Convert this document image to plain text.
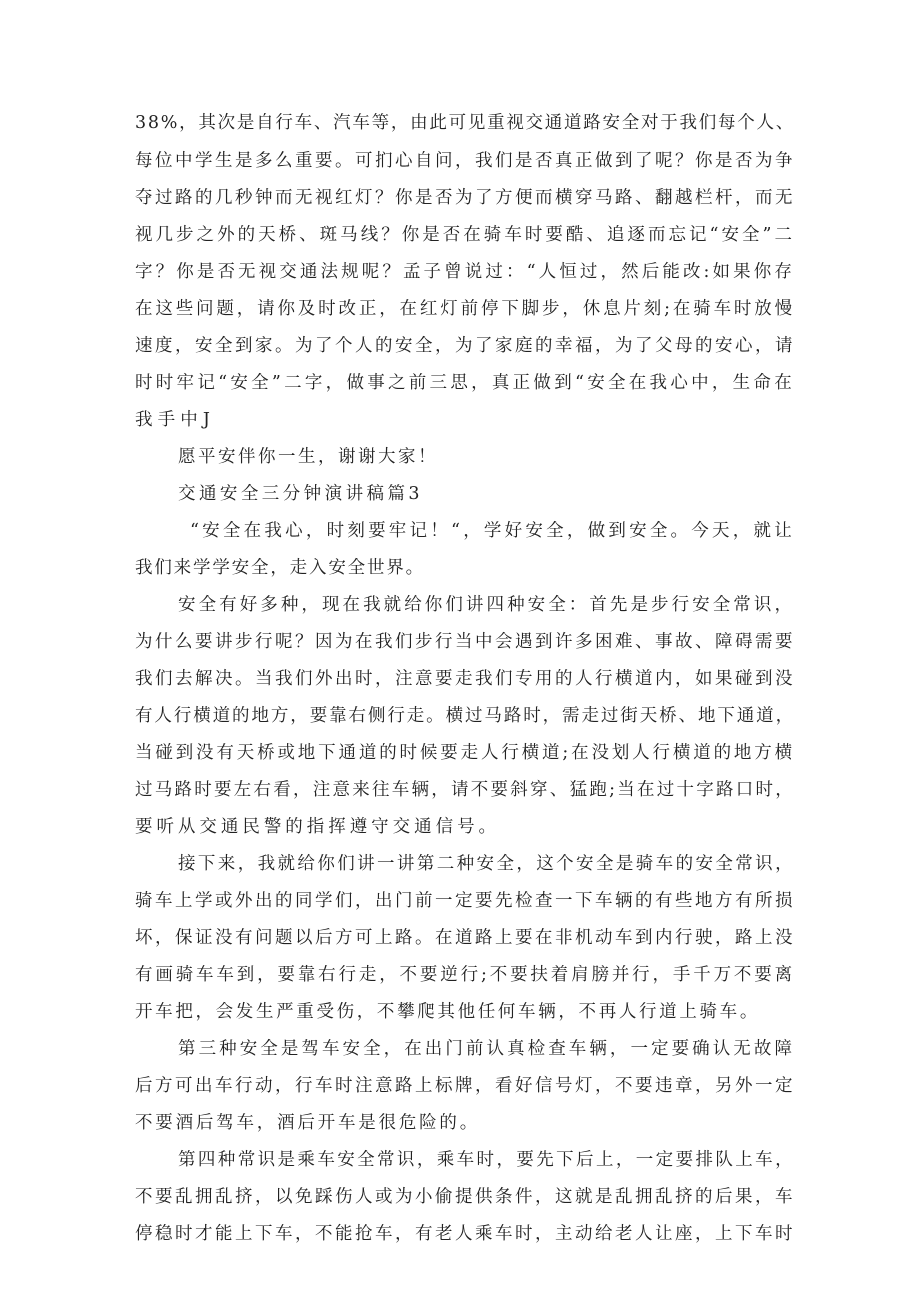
38%，其次是自行车、汽车等，由此可见重视交通道路安全对于我们每个人、
每位中学生是多么重要。可扪心自问，我们是否真正做到了呢？你是否为争
夺过路的几秒钟而无视红灯？你是否为了方便而横穿马路、翻越栏杆，而无
视几步之外的天桥、斑马线？你是否在骑车时要酷、追逐而忘记“安全”二
字？你是否无视交通法规呢？孟子曾说过：“人恒过，然后能改:如果你存
在这些问题，请你及时改正，在红灯前停下脚步，休息片刻;在骑车时放慢
速度，安全到家。为了个人的安全，为了家庭的幸福，为了父母的安心，请
时时牢记“安全”二字，做事之前三思，真正做到“安全在我心中，生命在
我手中J
愿平安伴你一生，谢谢大家！
交通安全三分钟演讲稿篇3
“安全在我心，时刻要牢记！“，学好安全，做到安全。今天，就让
我们来学学安全，走入安全世界。
安全有好多种，现在我就给你们讲四种安全：首先是步行安全常识，
为什么要讲步行呢？因为在我们步行当中会遇到许多困难、事故、障碍需要
我们去解决。当我们外出时，注意要走我们专用的人行横道内，如果碰到没
有人行横道的地方，要靠右侧行走。横过马路时，需走过街天桥、地下通道，
当碰到没有天桥或地下通道的时候要走人行横道;在没划人行横道的地方横
过马路时要左右看，注意来往车辆，请不要斜穿、猛跑;当在过十字路口时，
要听从交通民警的指挥遵守交通信号。
接下来，我就给你们讲一讲第二种安全，这个安全是骑车的安全常识，
骑车上学或外出的同学们，出门前一定要先检查一下车辆的有些地方有所损
坏，保证没有问题以后方可上路。在道路上要在非机动车到内行驶，路上没
有画骑车车到，要靠右行走，不要逆行;不要扶着肩膀并行，手千万不要离
开车把，会发生严重受伤，不攀爬其他任何车辆，不再人行道上骑车。
第三种安全是驾车安全，在出门前认真检查车辆，一定要确认无故障
后方可出车行动，行车时注意路上标牌，看好信号灯，不要违章，另外一定
不要酒后驾车，酒后开车是很危险的。
第四种常识是乘车安全常识，乘车时，要先下后上，一定要排队上车，
不要乱拥乱挤，以免踩伤人或为小偷提供条件，这就是乱拥乱挤的后果，车
停稳时才能上下车，不能抢车，有老人乘车时，主动给老人让座，上下车时
